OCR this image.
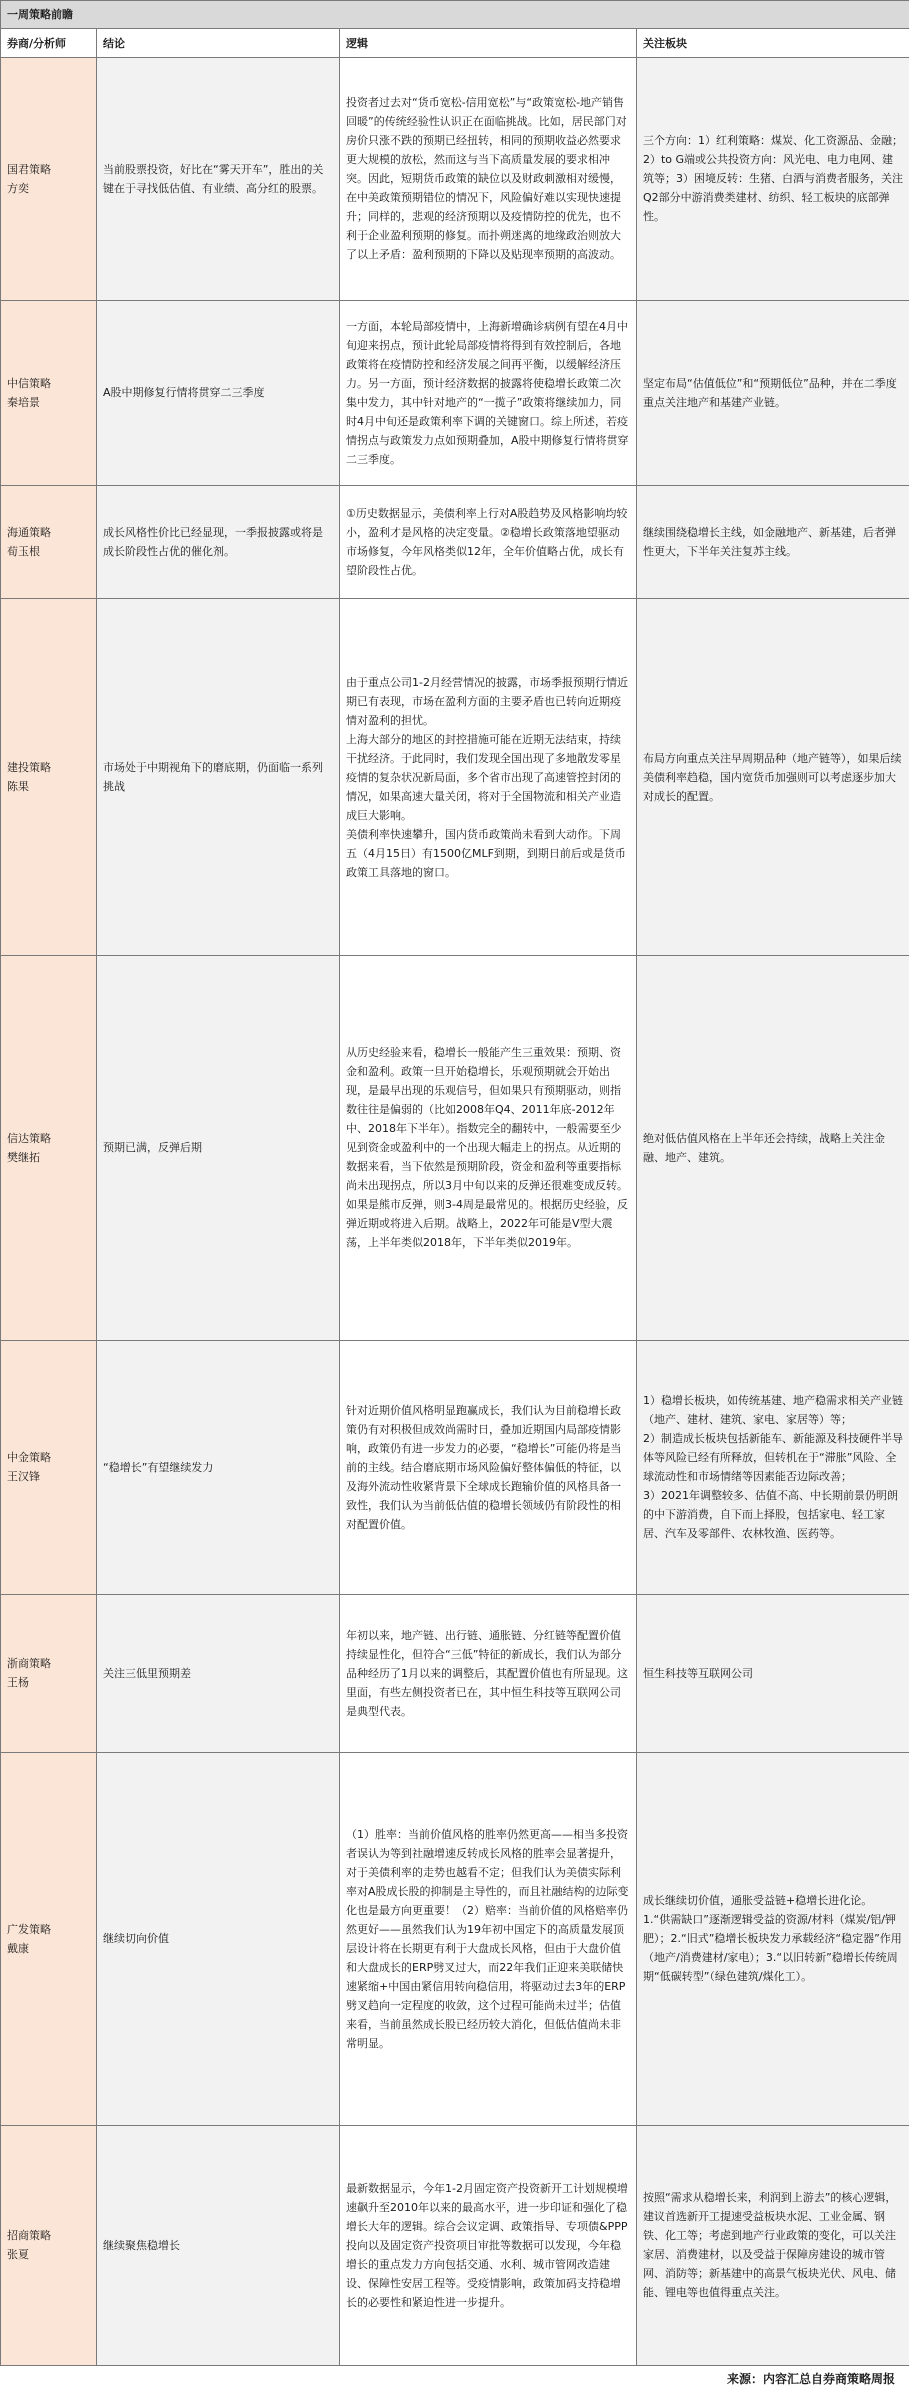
一周策略前瞻			
券商/分析师	结论	逻辑	关注板块

国君策略
方奕	当前股票投资，好比在“雾天开车”，胜出的关键在于寻找低估值、有业绩、高分红的股票。	投资者过去对“货币宽松-信用宽松”与“政策宽松-地产销售回暖”的传统经验性认识正在面临挑战。比如，居民部门对房价只涨不跌的预期已经扭转，相同的预期收益必然要求更大规模的放松，然而这与当下高质量发展的要求相冲突。因此，短期货币政策的缺位以及财政刺激相对缓慢，在中美政策预期错位的情况下，风险偏好难以实现快速提升；同样的，悲观的经济预期以及疫情防控的优先，也不利于企业盈利预期的修复。而扑朔迷离的地缘政治则放大了以上矛盾：盈利预期的下降以及贴现率预期的高波动。	三个方向：1）红利策略：煤炭、化工资源品、金融；2）to G端或公共投资方向：风光电、电力电网、建筑等；3）困境反转：生猪、白酒与消费者服务，关注Q2部分中游消费类建材、纺织、轻工板块的底部弹性。

中信策略
秦培景	A股中期修复行情将贯穿二三季度	一方面，本轮局部疫情中，上海新增确诊病例有望在4月中旬迎来拐点，预计此轮局部疫情将得到有效控制后，各地政策将在疫情防控和经济发展之间再平衡，以缓解经济压力。另一方面，预计经济数据的披露将使稳增长政策二次集中发力，其中针对地产的“一揽子”政策将继续加力，同时4月中旬还是政策利率下调的关键窗口。综上所述，若疫情拐点与政策发力点如预期叠加，A股中期修复行情将贯穿二三季度。	坚定布局“估值低位”和“预期低位”品种，并在二季度重点关注地产和基建产业链。

海通策略
荀玉根	成长风格性价比已经显现，一季报披露或将是成长阶段性占优的催化剂。	①历史数据显示，美债利率上行对A股趋势及风格影响均较小，盈利才是风格的决定变量。②稳增长政策落地望驱动市场修复，今年风格类似12年，全年价值略占优，成长有望阶段性占优。	继续围绕稳增长主线，如金融地产、新基建，后者弹性更大，下半年关注复苏主线。

建投策略
陈果	市场处于中期视角下的磨底期，仍面临一系列挑战	由于重点公司1-2月经营情况的披露，市场季报预期行情近期已有表现，市场在盈利方面的主要矛盾也已转向近期疫情对盈利的担忧。
上海大部分的地区的封控措施可能在近期无法结束，持续干扰经济。于此同时，我们发现全国出现了多地散发零星疫情的复杂状况新局面，多个省市出现了高速管控封闭的情况，如果高速大量关闭，将对于全国物流和相关产业造成巨大影响。
美债利率快速攀升，国内货币政策尚未看到大动作。下周五（4月15日）有1500亿MLF到期，到期日前后或是货币政策工具落地的窗口。	布局方向重点关注早周期品种（地产链等），如果后续美债利率趋稳，国内宽货币加强则可以考虑逐步加大对成长的配置。

信达策略
樊继拓	预期已满，反弹后期	从历史经验来看，稳增长一般能产生三重效果：预期、资金和盈利。政策一旦开始稳增长，乐观预期就会开始出现，是最早出现的乐观信号，但如果只有预期驱动，则指数往往是偏弱的（比如2008年Q4、2011年底-2012年中、2018年下半年）。指数完全的翻转中，一般需要至少见到资金或盈利中的一个出现大幅走上的拐点。从近期的数据来看，当下依然是预期阶段，资金和盈利等重要指标尚未出现拐点，所以3月中旬以来的反弹还很难变成反转。如果是熊市反弹，则3-4周是最常见的。根据历史经验，反弹近期或将进入后期。战略上，2022年可能是V型大震荡，上半年类似2018年，下半年类似2019年。	绝对低估值风格在上半年还会持续，战略上关注金融、地产、建筑。

中金策略
王汉锋	“稳增长”有望继续发力	针对近期价值风格明显跑赢成长，我们认为目前稳增长政策仍有对积极但成效尚需时日，叠加近期国内局部疫情影响，政策仍有进一步发力的必要，“稳增长”可能仍将是当前的主线。结合磨底期市场风险偏好整体偏低的特征，以及海外流动性收紧背景下全球成长跑输价值的风格具备一致性，我们认为当前低估值的稳增长领域仍有阶段性的相对配置价值。	1）稳增长板块，如传统基建、地产稳需求相关产业链（地产、建材、建筑、家电、家居等）等；
2）制造成长板块包括新能车、新能源及科技硬件半导体等风险已经有所释放，但转机在于“滞胀”风险、全球流动性和市场情绪等因素能否边际改善；
3）2021年调整较多、估值不高、中长期前景仍明朗的中下游消费，自下而上择股，包括家电、轻工家居、汽车及零部件、农林牧渔、医药等。

浙商策略
王杨	关注三低里预期差	年初以来，地产链、出行链、通胀链、分红链等配置价值持续显性化，但符合“三低”特征的新成长，我们认为部分品种经历了1月以来的调整后，其配置价值也有所显现。这里面，有些左侧投资者已在，其中恒生科技等互联网公司是典型代表。	恒生科技等互联网公司

广发策略
戴康	继续切向价值	（1）胜率：当前价值风格的胜率仍然更高——相当多投资者误认为等到社融增速反转成长风格的胜率会显著提升，对于美债利率的走势也越看不定；但我们认为美债实际利率对A股成长股的抑制是主导性的，而且社融结构的边际变化也是最方向更重要！（2）赔率：当前价值的风格赔率仍然更好——虽然我们认为19年初中国定下的高质量发展顶层设计将在长期更有利于大盘成长风格，但由于大盘价值和大盘成长的ERP劈叉过大，而22年我们正迎来美联储快速紧缩+中国由紧信用转向稳信用，将驱动过去3年的ERP劈叉趋向一定程度的收敛，这个过程可能尚未过半；估值来看，当前虽然成长股已经历较大消化，但低估值尚未非常明显。	成长继续切价值，通胀受益链+稳增长进化论。
1.“供需缺口”逐渐逻辑受益的资源/材料（煤炭/铝/钾肥）；2.“旧式”稳增长板块发力承载经济“稳定器”作用（地产/消费建材/家电）；3.“以旧转新”稳增长传统周期“低碳转型”（绿色建筑/煤化工）。

招商策略
张夏	继续聚焦稳增长	最新数据显示，今年1-2月固定资产投资新开工计划规模增速飙升至2010年以来的最高水平，进一步印证和强化了稳增长大年的逻辑。综合会议定调、政策指导、专项债&PPP投向以及固定资产投资项目审批等数据可以发现，今年稳增长的重点发力方向包括交通、水利、城市管网改造建设、保障性安居工程等。受疫情影响，政策加码支持稳增长的必要性和紧迫性进一步提升。	按照“需求从稳增长来，利润到上游去”的核心逻辑，建议首选新开工提速受益板块水泥、工业金属、钢铁、化工等；考虑到地产行业政策的变化，可以关注家居、消费建材，以及受益于保障房建设的城市管网、消防等；新基建中的高景气板块光伏、风电、储能、锂电等也值得重点关注。
来源：内容汇总自券商策略周报
